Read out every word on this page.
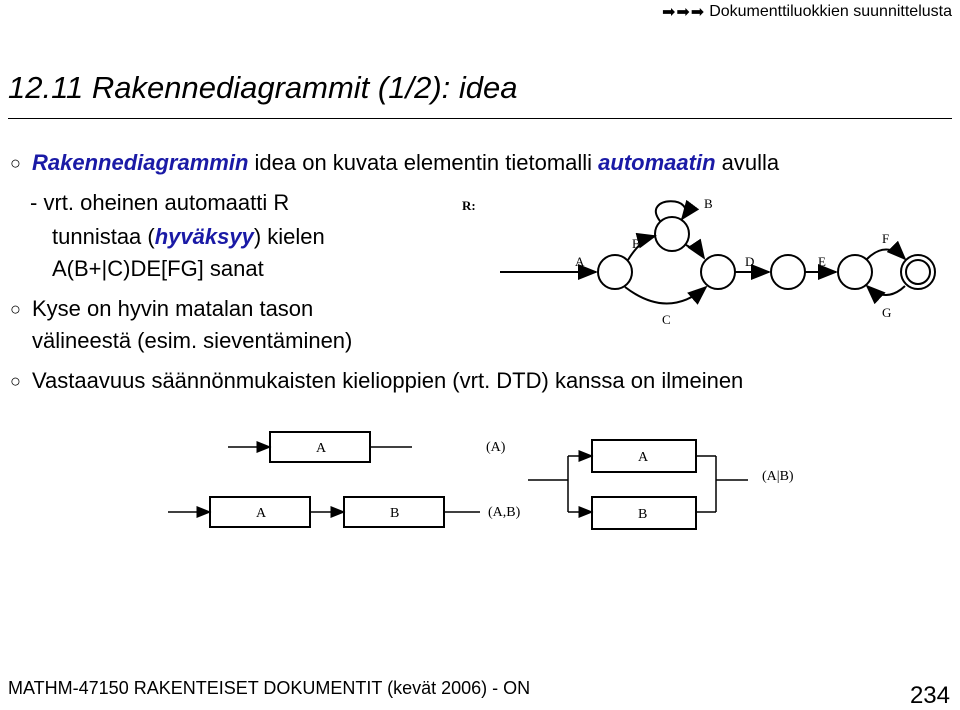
➡➡➡ Dokumenttiluokkien suunnittelusta
12.11 Rakennediagrammit (1/2): idea
○ Rakennediagrammin idea on kuvata elementin tietomalli automaatin avulla
- vrt. oheinen automaatti R
tunnistaa (hyväksyy) kielen
A(B+|C)DE[FG] sanat
○ Kyse on hyvin matalan tason
välineestä (esim. sieventäminen)
○ Vastaavuus säännönmukaisten kielioppien (vrt. DTD) kanssa on ilmeinen
R:
A
B
B
C
D	E
F
G
A	(A)
A	B	(A,B)
A
B
(A|B)
MATHM-47150 RAKENTEISET DOKUMENTIT (kevät 2006) - ON	234
